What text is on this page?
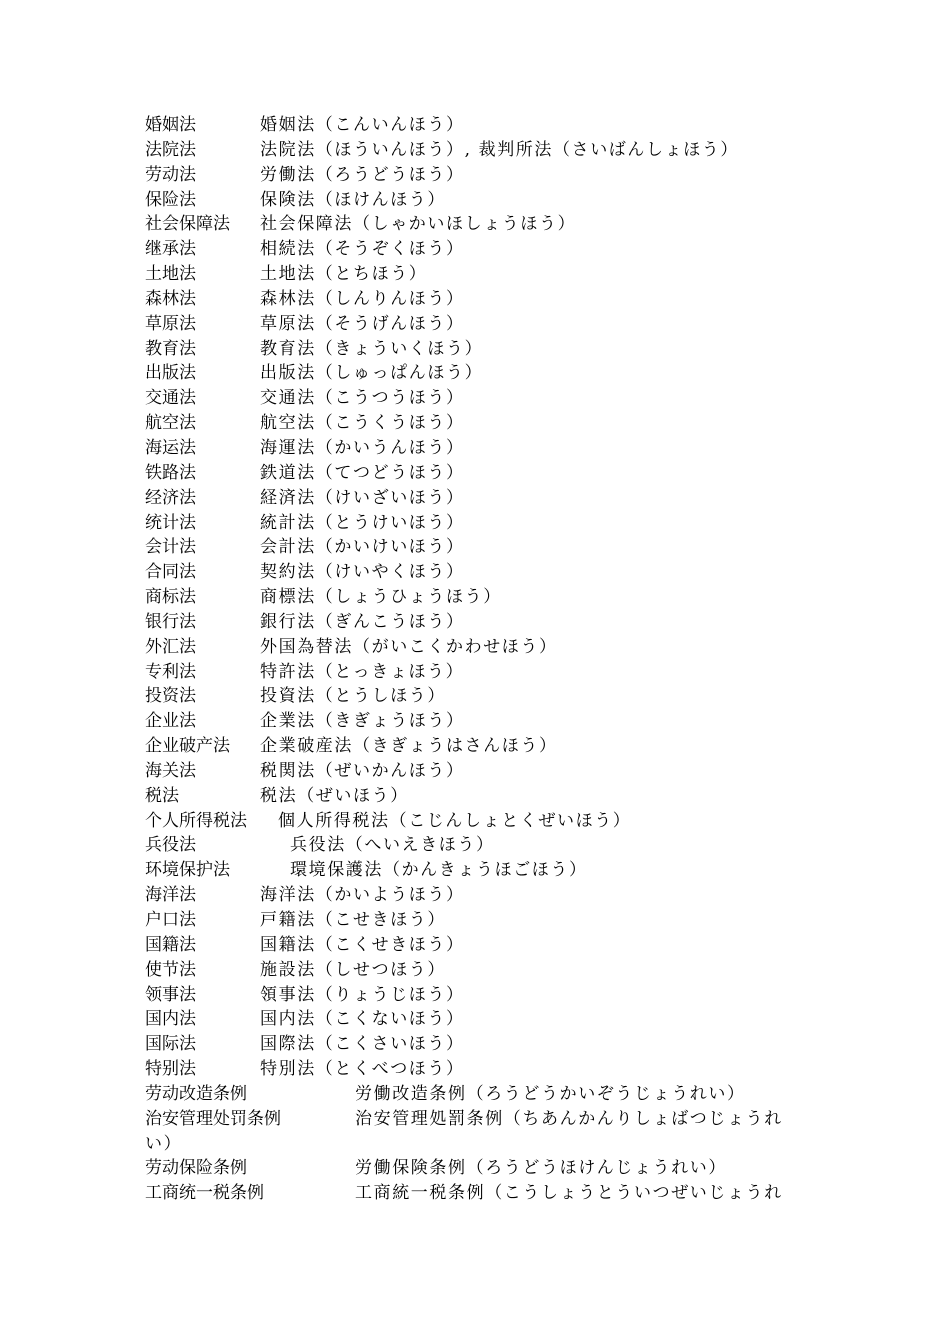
婚姻法	婚姻法（こんいんほう）
法院法	法院法（ほういんほう）, 裁判所法（さいばんしょほう）
劳动法	労働法（ろうどうほう）
保险法	保険法（ほけんほう）
社会保障法 社会保障法（しゃかいほしょうほう）
继承法	相続法（そうぞくほう）
土地法	土地法（とちほう）
森林法	森林法（しんりんほう）
草原法	草原法（そうげんほう）
教育法	教育法（きょういくほう）
出版法	出版法（しゅっぱんほう）
交通法	交通法（こうつうほう）
航空法	航空法（こうくうほう）
海运法	海運法（かいうんほう）
铁路法	鉄道法（てつどうほう）
经济法	経済法（けいざいほう）
统计法	統計法（とうけいほう）
会计法	会計法（かいけいほう）
合同法	契約法（けいやくほう）
商标法	商標法（しょうひょうほう）
银行法	銀行法（ぎんこうほう）
外汇法	外国為替法（がいこくかわせほう）
专利法	特許法（とっきょほう）
投资法	投資法（とうしほう）
企业法	企業法（きぎょうほう）
企业破产法 企業破産法（きぎょうはさんほう）
海关法	税関法（ぜいかんほう）
税法	税法（ぜいほう）
个人所得税法 個人所得税法（こじんしょとくぜいほう）
兵役法	兵役法（へいえきほう）
环境保护法	環境保護法（かんきょうほごほう）
海洋法	海洋法（かいようほう）
户口法	戸籍法（こせきほう）
国籍法	国籍法（こくせきほう）
使节法	施設法（しせつほう）
领事法	領事法（りょうじほう）
国内法	国内法（こくないほう）
国际法	国際法（こくさいほう）
特别法	特別法（とくべつほう）
劳动改造条例	労働改造条例（ろうどうかいぞうじょうれい）
治安管理处罚条例	治安管理処罰条例（ちあんかんりしょばつじょうれ
い）
劳动保险条例	労働保険条例（ろうどうほけんじょうれい）
工商统一税条例	工商統一税条例（こうしょうとういつぜいじょうれ
